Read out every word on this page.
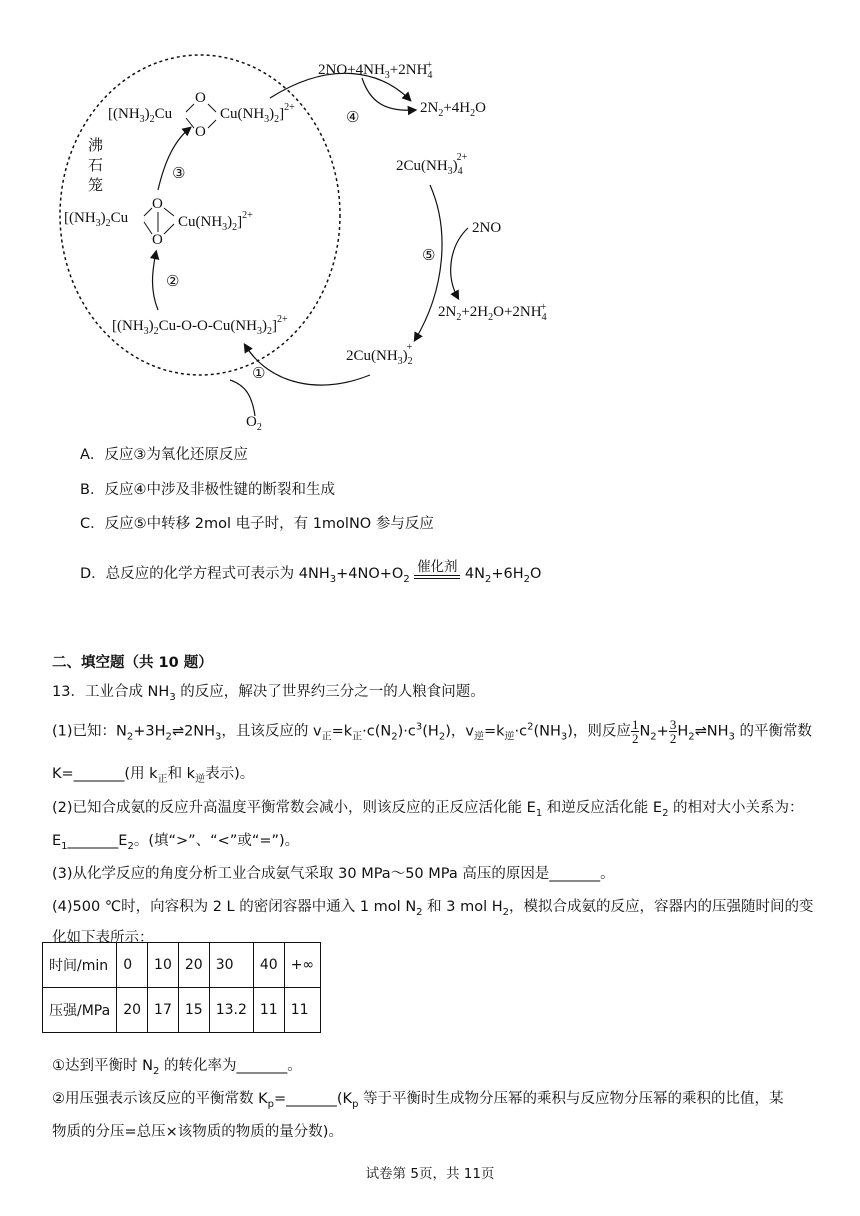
沸
石
笼
[$(NH_3)_2Cu$
O
O
$Cu(NH_3)_2]^{2+}$
[$(NH_3)_2Cu$
O
O
$Cu(NH_3)_2]^{2+}$
$[(NH_3)_2Cu-O-O-Cu(NH_3)_2]^{2+}$
②
③
$2NO+4NH_3+2NH_4+$
$2N_2+4H_2O$
④
$2Cu(NH_3)_42+$
2NO
$2N_2+2H_2O+2NH_4+$
⑤
$2Cu(NH_3)_2+$
$O_2$
①
A．反应③为氧化还原反应
B．反应④中涉及非极性键的断裂和生成
C．反应⑤中转移 2mol 电子时，有 1molNO 参与反应
D．总反应的化学方程式可表示为 $4NH_3+4NO+O_2$
催化剂 $4N_2+6H_2O$
二、填空题（共 10 题）
13．工业合成 $NH_3$ 的反应，解决了世界约三分之一的人粮食问题。
(1)已知：$N_2+3H_2\rightleftharpoons 2NH_3$，且该反应的 $v_正=k_正\cdot c(N_2)\cdot c^3(H_2)$，$v_逆=k_逆\cdot c^2(NH_3)$，则反应 $\frac{1}{2} N_2+ \frac{3}{2}$ $H_2\rightleftharpoons NH_3$ 的平衡常数
K=_______(用 $k_正$和 $k_逆$表示)。
(2)已知合成氨的反应升高温度平衡常数会减小，则该反应的正反应活化能 $E_1$ 和逆反应活化能 $E_2$ 的相对大小关系为：
$E_1\_\_\_\_\_\_\_E_2$。(填“>”、“<”或“=”)。
(3)从化学反应的角度分析工业合成氨气采取 30 MPa～50 MPa 高压的原因是_______。
(4)500 ℃时，向容积为 2 L 的密闭容器中通入 1 mol $N_2$ 和 3 mol $H_2$，模拟合成氨的反应，容器内的压强随时间的变
化如下表所示：
时间/min	0	10	20	30	40	+∞
压强/MPa	20	17	15	13.2	11	11
①达到平衡时 $N_2$ 的转化率为_______。
②用压强表示该反应的平衡常数 $K_p=\_\_\_\_\_\_\_(K_p$ 等于平衡时生成物分压幂的乘积与反应物分压幂的乘积的比值，某
物质的分压=总压×该物质的物质的量分数)。
试卷第 5页，共 11页
